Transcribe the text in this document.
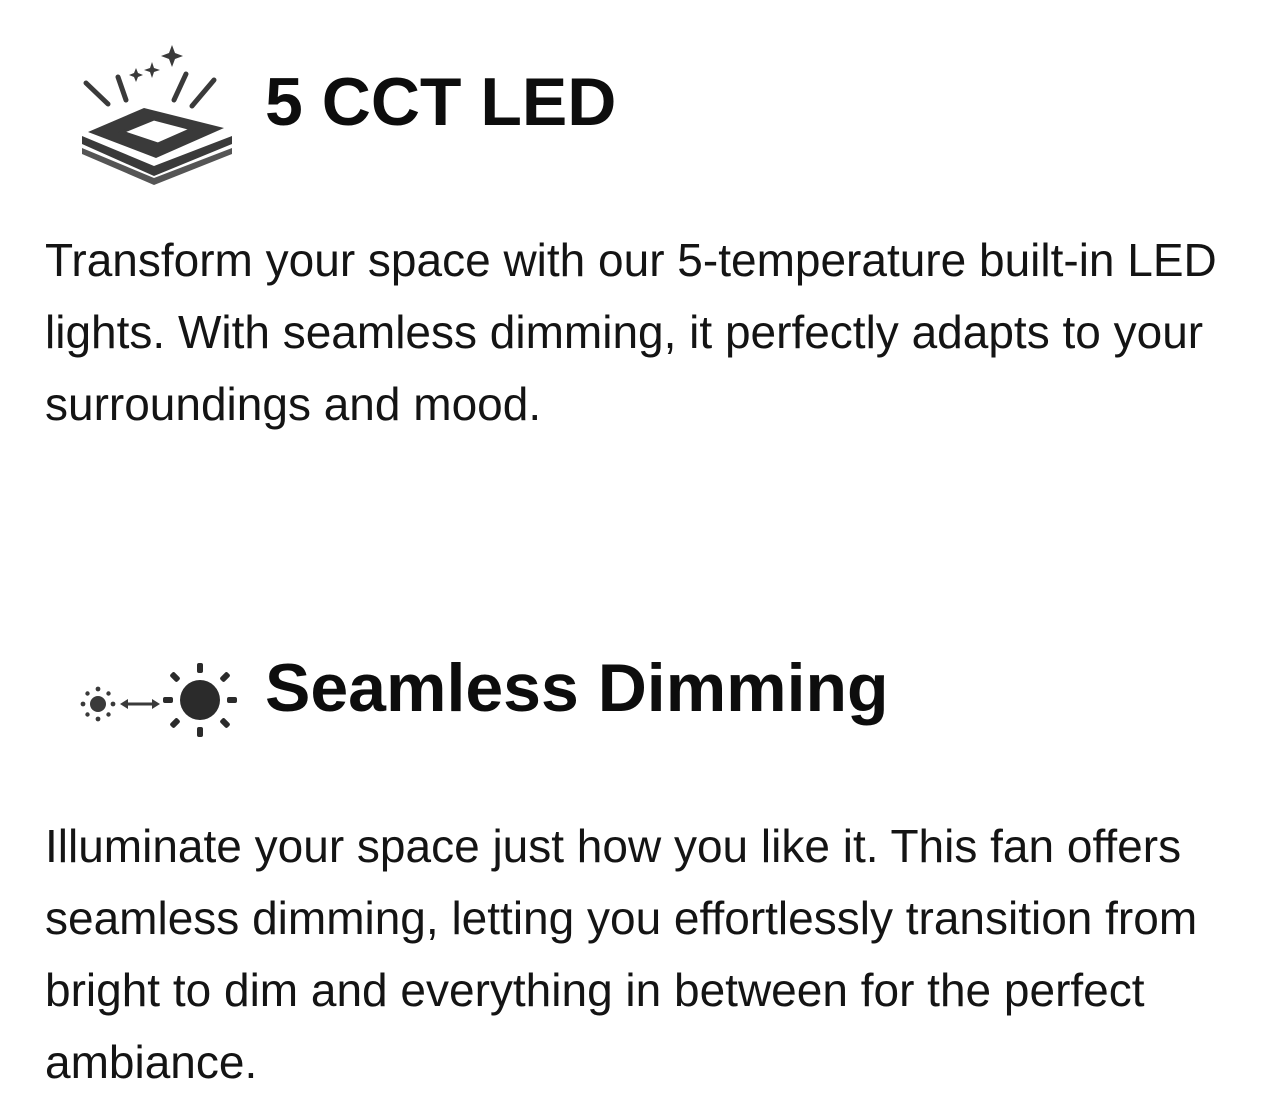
5 CCT LED

Transform your space with our 5-temperature built-in LED lights. With seamless dimming, it perfectly adapts to your surroundings and mood.

Seamless Dimming

Illuminate your space just how you like it. This fan offers seamless dimming, letting you effortlessly transition from bright to dim and everything in between for the perfect ambiance.
